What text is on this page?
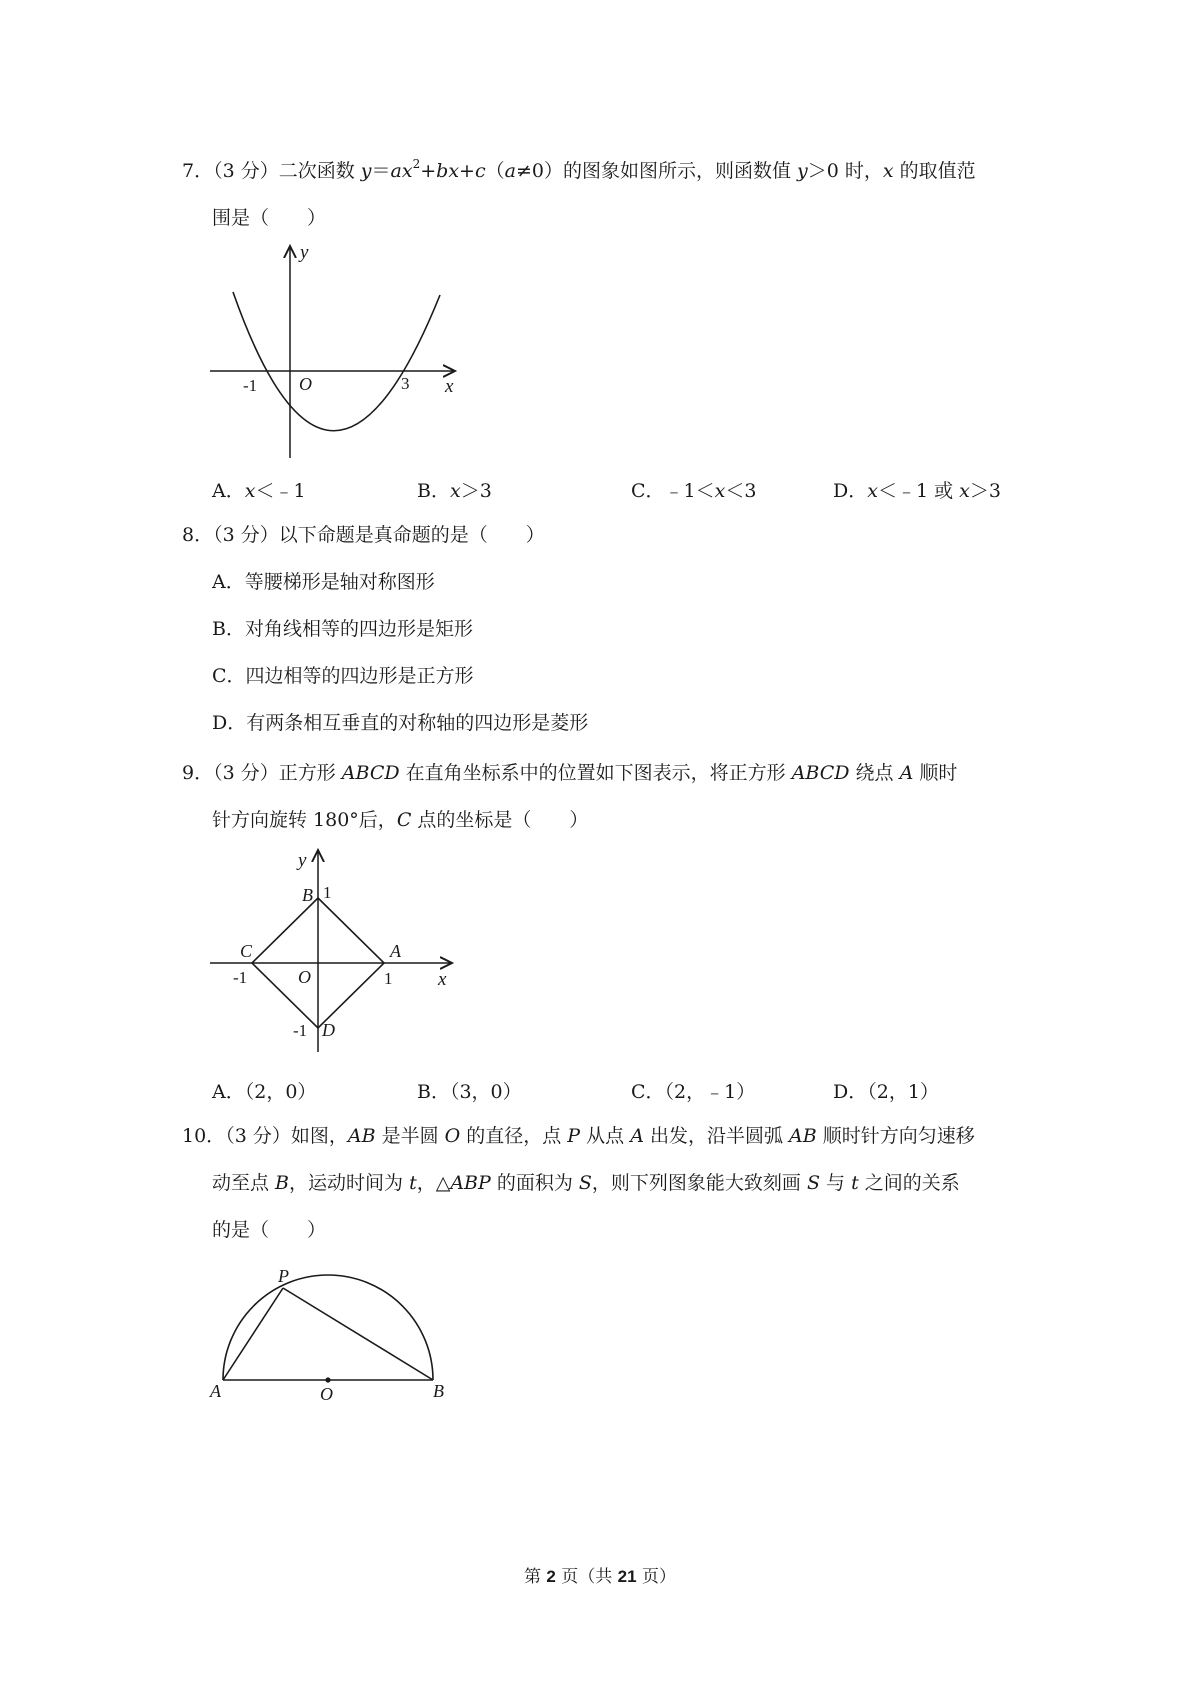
7．（3 分）二次函数 $y=ax^2+bx+c(a\ne 0)$的图象如图所示，则函数值 y＞0 时，x 的取值范
围是（　　）
y
x
O
-1	3
A．x＜﹣1	B．x＞3	C．﹣1＜x＜3	D．x＜﹣1 或 x＞3
8．（3 分）以下命题是真命题的是（　　）
A．等腰梯形是轴对称图形
B．对角线相等的四边形是矩形
C．四边相等的四边形是正方形
D．有两条相互垂直的对称轴的四边形是菱形
9．（3 分）正方形 ABCD 在直角坐标系中的位置如下图表示，将正方形 ABCD 绕点 A 顺时
针方向旋转 180°后，C 点的坐标是（　　）
y
x
O
B 1
C
-1
A
1
-1 D
A．（2，0）	B．（3，0）	C．（2，﹣1）	D．（2，1）
10．（3 分）如图，AB 是半圆 O 的直径，点 P 从点 A 出发，沿半圆弧 AB 顺时针方向匀速移
动至点 B，运动时间为 t，△ABP 的面积为 S，则下列图象能大致刻画 S 与 t 之间的关系
的是（　　）
P
A	O	B
第 2 页（共 21 页）
